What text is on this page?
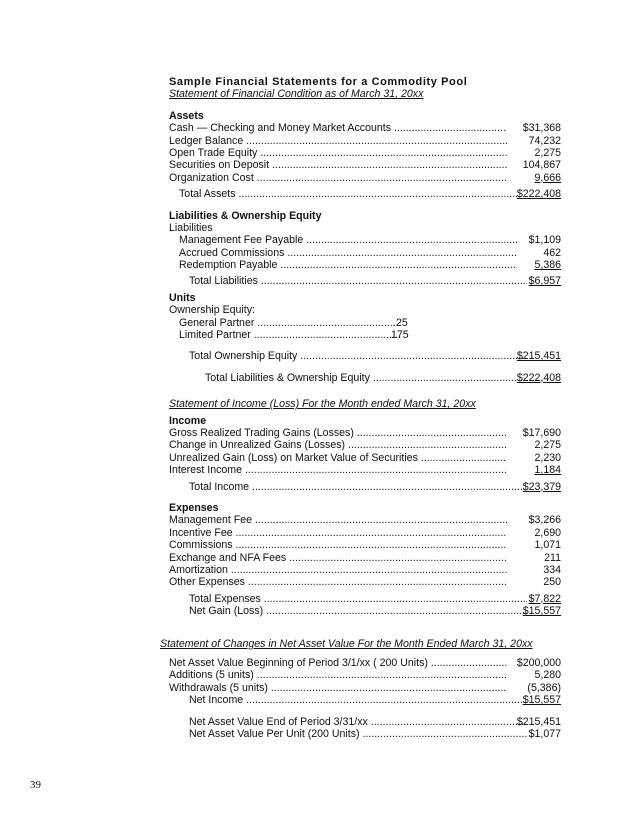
Sample Financial Statements for a Commodity Pool
Statement of Financial Condition as of March 31, 20xx
Assets
Cash — Checking and Money Market Accounts .....	$31,368
Ledger Balance .....	74,232
Open Trade Equity .....	2,275
Securities on Deposit .....	104,867
Organization Cost .....	9,666
Total Assets .....	$222,408
Liabilities & Ownership Equity
Liabilities
Management Fee Payable .....	$1,109
Accrued Commissions .....	462
Redemption Payable .....	5,386
Total Liabilities .....	$6,957
Units
Ownership Equity:
General Partner .....	25
Limited Partner .....	175
Total Ownership Equity .....	$215,451
Total Liabilities & Ownership Equity .....	$222,408
Statement of Income (Loss) For the Month ended March 31, 20xx
Income
Gross Realized Trading Gains (Losses) .....	$17,690
Change in Unrealized Gains (Losses) .....	2,275
Unrealized Gain (Loss) on Market Value of Securities .....	2,230
Interest Income .....	1,184
Total Income .....	$23,379
Expenses
Management Fee .....	$3,266
Incentive Fee .....	2,690
Commissions .....	1,071
Exchange and NFA Fees .....	211
Amortization .....	334
Other Expenses .....	250
Total Expenses .....	$7,822
Net Gain (Loss) .....	$15,557
Statement of Changes in Net Asset Value For the Month Ended March 31, 20xx
Net Asset Value Beginning of Period 3/1/xx ( 200 Units) .....	$200,000
Additions (5 units) .....	5,280
Withdrawals (5 units) .....	(5,386)
Net Income .....	$15,557
Net Asset Value End of Period 3/31/xx .....	$215,451
Net Asset Value Per Unit (200 Units) .....	$1,077
39
